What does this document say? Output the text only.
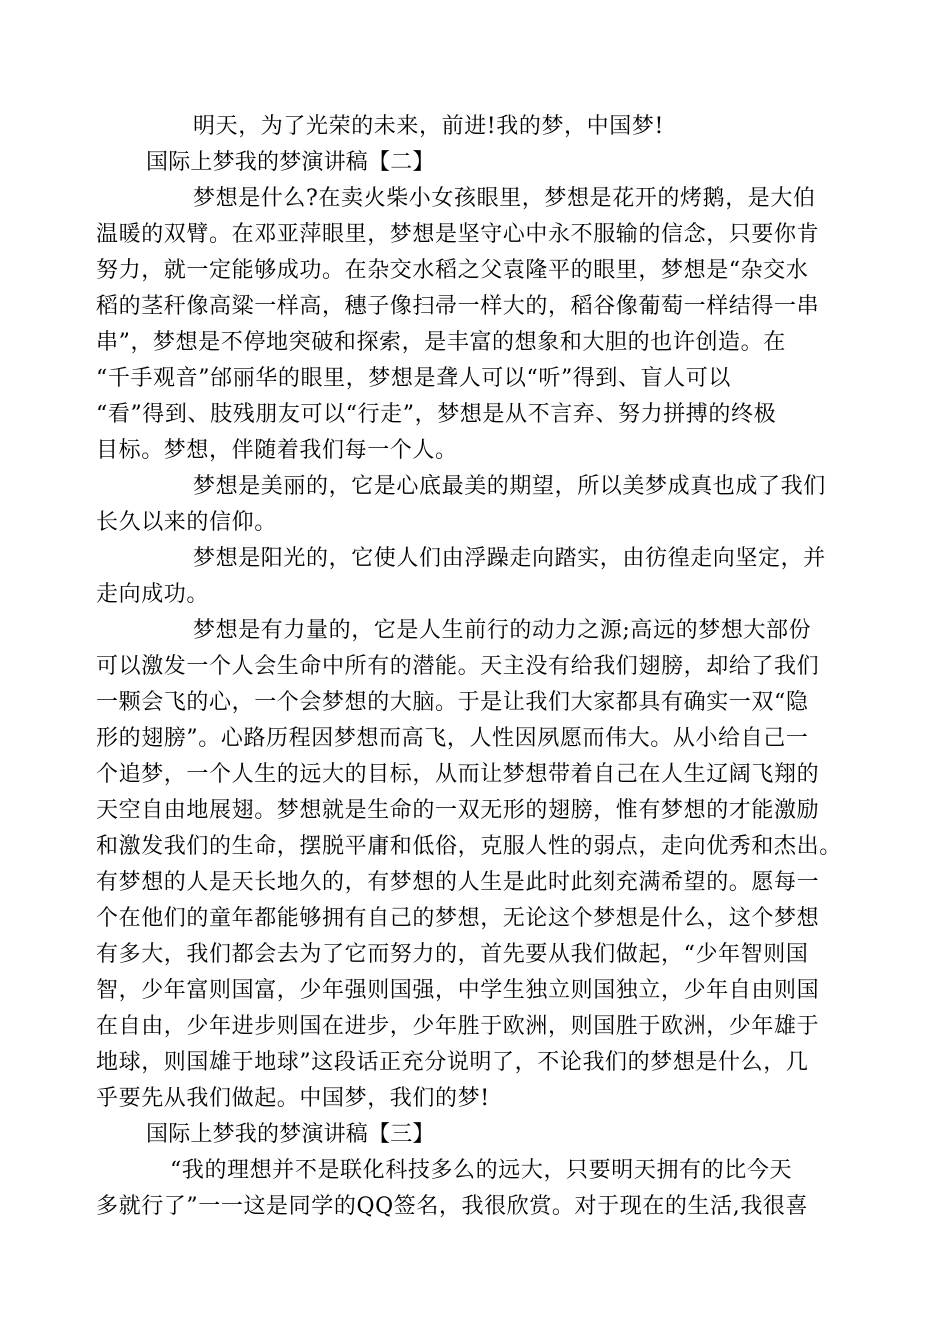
明天，为了光荣的未来，前进!我的梦，中国梦!
国际上梦我的梦演讲稿【二】
梦想是什么?在卖火柴小女孩眼里，梦想是花开的烤鹅，是大伯
温暖的双臂。在邓亚萍眼里，梦想是坚守心中永不服输的信念，只要你肯
努力，就一定能够成功。在杂交水稻之父袁隆平的眼里，梦想是“杂交水
稻的茎秆像高粱一样高，穗子像扫帚一样大的，稻谷像葡萄一样结得一串
串”，梦想是不停地突破和探索，是丰富的想象和大胆的也许创造。在
“千手观音”邰丽华的眼里，梦想是聋人可以“听”得到、盲人可以
“看”得到、肢残朋友可以“行走”，梦想是从不言弃、努力拼搏的终极
目标。梦想，伴随着我们每一个人。
梦想是美丽的，它是心底最美的期望，所以美梦成真也成了我们
长久以来的信仰。
梦想是阳光的，它使人们由浮躁走向踏实，由彷徨走向坚定，并
走向成功。
梦想是有力量的，它是人生前行的动力之源;高远的梦想大部份
可以激发一个人会生命中所有的潜能。天主没有给我们翅膀，却给了我们
一颗会飞的心，一个会梦想的大脑。于是让我们大家都具有确实一双“隐
形的翅膀”。心路历程因梦想而高飞，人性因夙愿而伟大。从小给自己一
个追梦，一个人生的远大的目标，从而让梦想带着自己在人生辽阔飞翔的
天空自由地展翅。梦想就是生命的一双无形的翅膀，惟有梦想的才能激励
和激发我们的生命，摆脱平庸和低俗，克服人性的弱点，走向优秀和杰出。
有梦想的人是天长地久的，有梦想的人生是此时此刻充满希望的。愿每一
个在他们的童年都能够拥有自己的梦想，无论这个梦想是什么，这个梦想
有多大，我们都会去为了它而努力的，首先要从我们做起，“少年智则国
智，少年富则国富，少年强则国强，中学生独立则国独立，少年自由则国
在自由，少年进步则国在进步，少年胜于欧洲，则国胜于欧洲，少年雄于
地球，则国雄于地球”这段话正充分说明了，不论我们的梦想是什么，几
乎要先从我们做起。中国梦，我们的梦!
国际上梦我的梦演讲稿【三】
“我的理想并不是联化科技多么的远大，只要明天拥有的比今天
多就行了”一一这是同学的QQ签名，我很欣赏。对于现在的生活,我很喜
